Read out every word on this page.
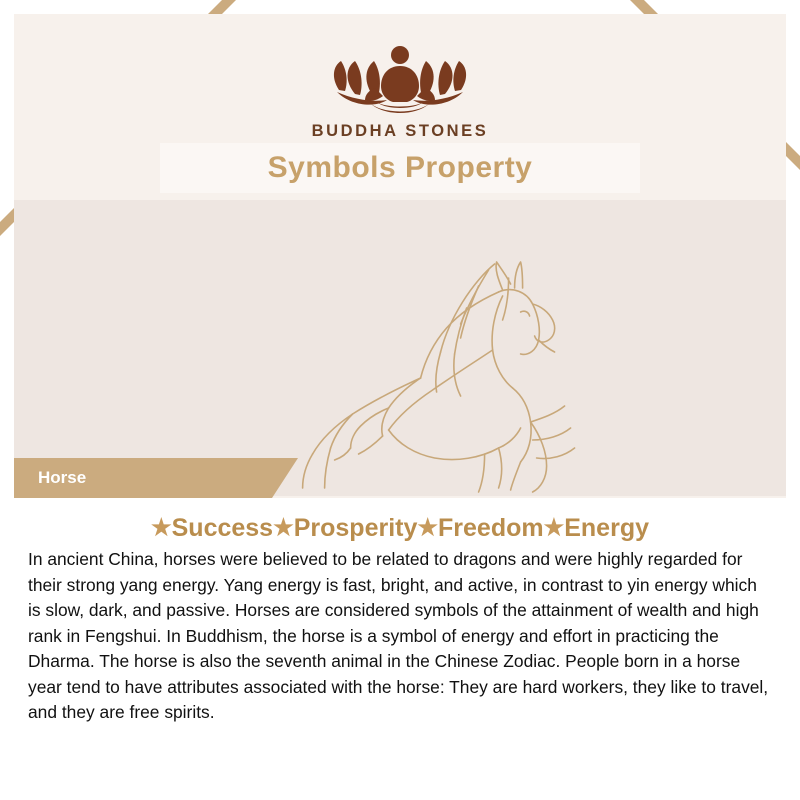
BUDDHA STONES
Symbols Property
Horse
★Success★Prosperity★Freedom★Energy

In ancient China, horses were believed to be related to dragons and were highly regarded for their strong yang energy. Yang energy is fast, bright, and active, in contrast to yin energy which is slow, dark, and passive. Horses are considered symbols of the attainment of wealth and high rank in Fengshui. In Buddhism, the horse is a symbol of energy and effort in practicing the Dharma. The horse is also the seventh animal in the Chinese Zodiac. People born in a horse year tend to have attributes associated with the horse: They are hard workers, they like to travel, and they are free spirits.
